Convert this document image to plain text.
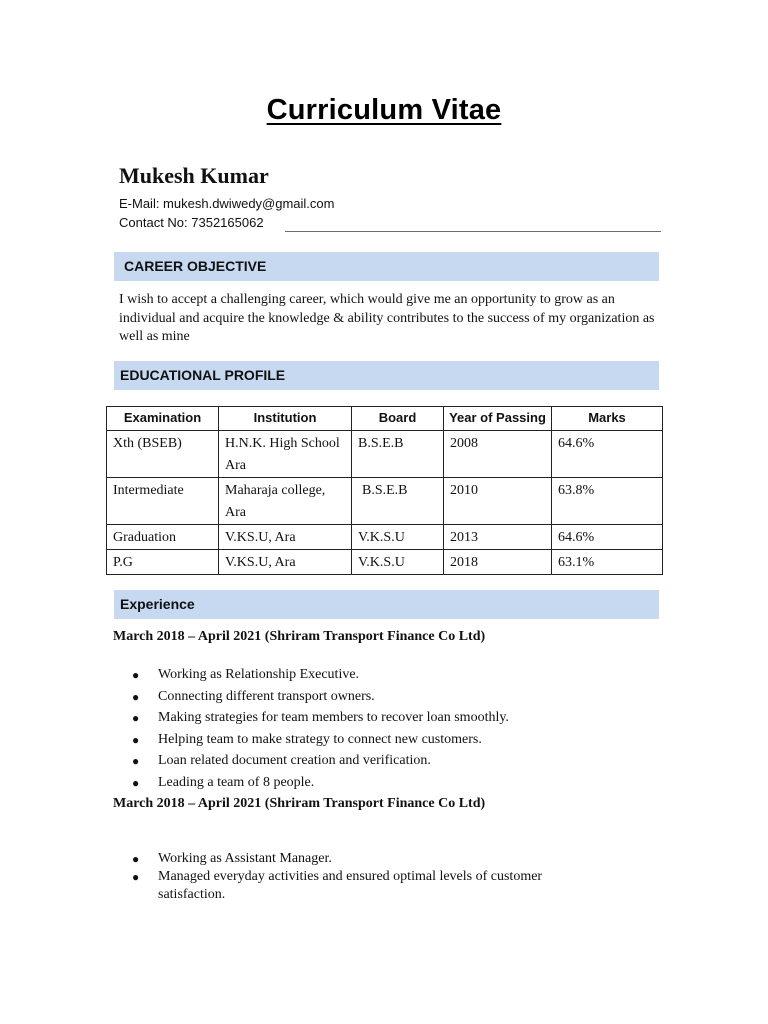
Curriculum Vitae
Mukesh Kumar
E-Mail: mukesh.dwiwedy@gmail.com
Contact No: 7352165062
CAREER OBJECTIVE
I wish to accept a challenging career, which would give me an opportunity to grow as an individual and acquire the knowledge & ability contributes to the success of my organization as well as mine
EDUCATIONAL PROFILE
Examination	Institution	Board	Year of Passing	Marks
Xth (BSEB)	H.N.K. High School Ara	B.S.E.B	2008	64.6%
Intermediate	Maharaja college, Ara	B.S.E.B	2010	63.8%
Graduation	V.KS.U, Ara	V.K.S.U	2013	64.6%
P.G	V.KS.U, Ara	V.K.S.U	2018	63.1%
Experience
March 2018 – April 2021 (Shriram Transport Finance Co Ltd)
● Working as Relationship Executive.
● Connecting different transport owners.
● Making strategies for team members to recover loan smoothly.
● Helping team to make strategy to connect new customers.
● Loan related document creation and verification.
● Leading a team of 8 people.
March 2018 – April 2021 (Shriram Transport Finance Co Ltd)
● Working as Assistant Manager.
● Managed everyday activities and ensured optimal levels of customer satisfaction.
